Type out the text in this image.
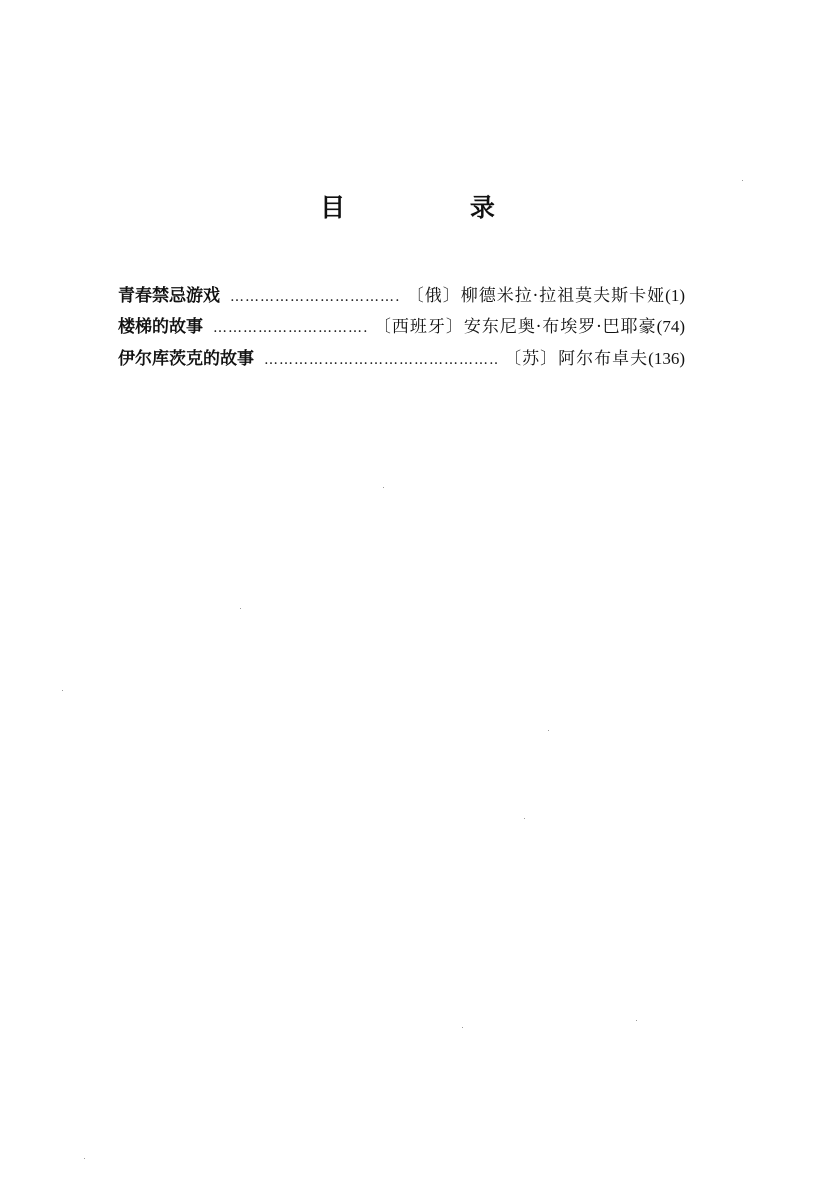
目 录
青春禁忌游戏 ………………………………………………………………………………	〔俄〕柳德米拉·拉祖莫夫斯卡娅 (1)
楼梯的故事 ………………………………………………………………………………	〔西班牙〕安东尼奥·布埃罗·巴耶豪 (74)
伊尔库茨克的故事 ………………………………………………………………………………	〔苏〕阿尔布卓夫 (136)
